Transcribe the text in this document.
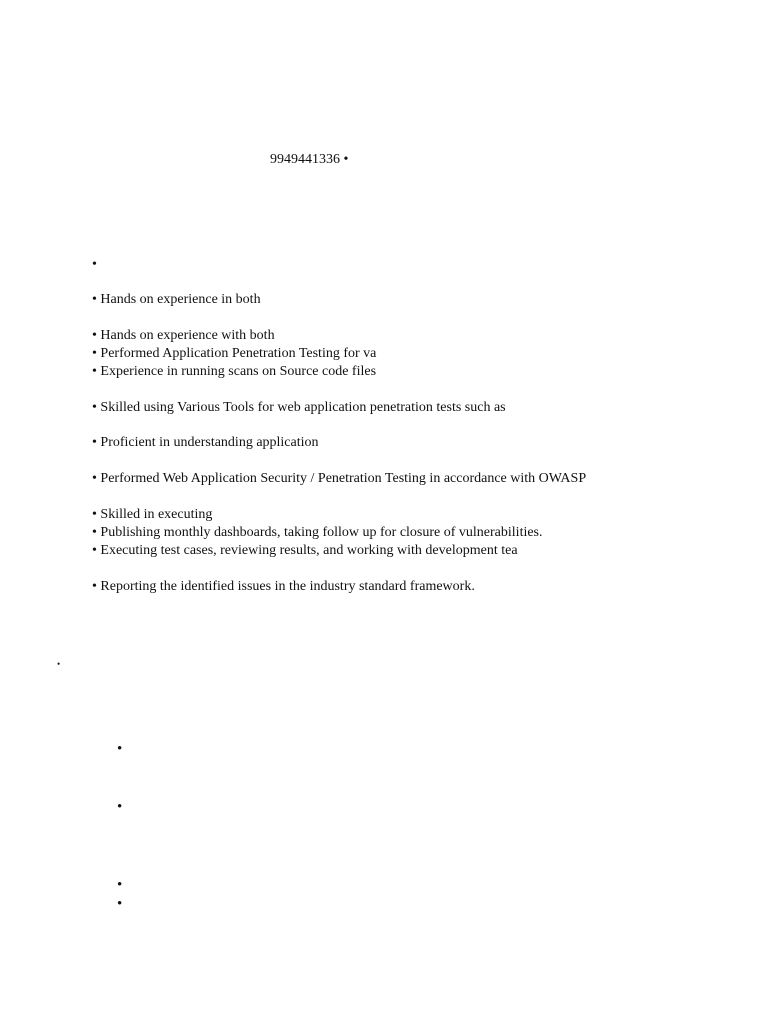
9949441336 •
•
• Hands on experience in both
• Hands on experience with both
• Performed Application Penetration Testing for va
• Experience in running scans on Source code files
• Skilled using Various Tools for web application penetration tests such as
• Proficient in understanding application
• Performed Web Application Security / Penetration Testing in accordance with OWASP
• Skilled in executing
• Publishing monthly dashboards, taking follow up for closure of vulnerabilities.
• Executing test cases, reviewing results, and working with development tea
• Reporting the identified issues in the industry standard framework.
•
•
•
•
•
